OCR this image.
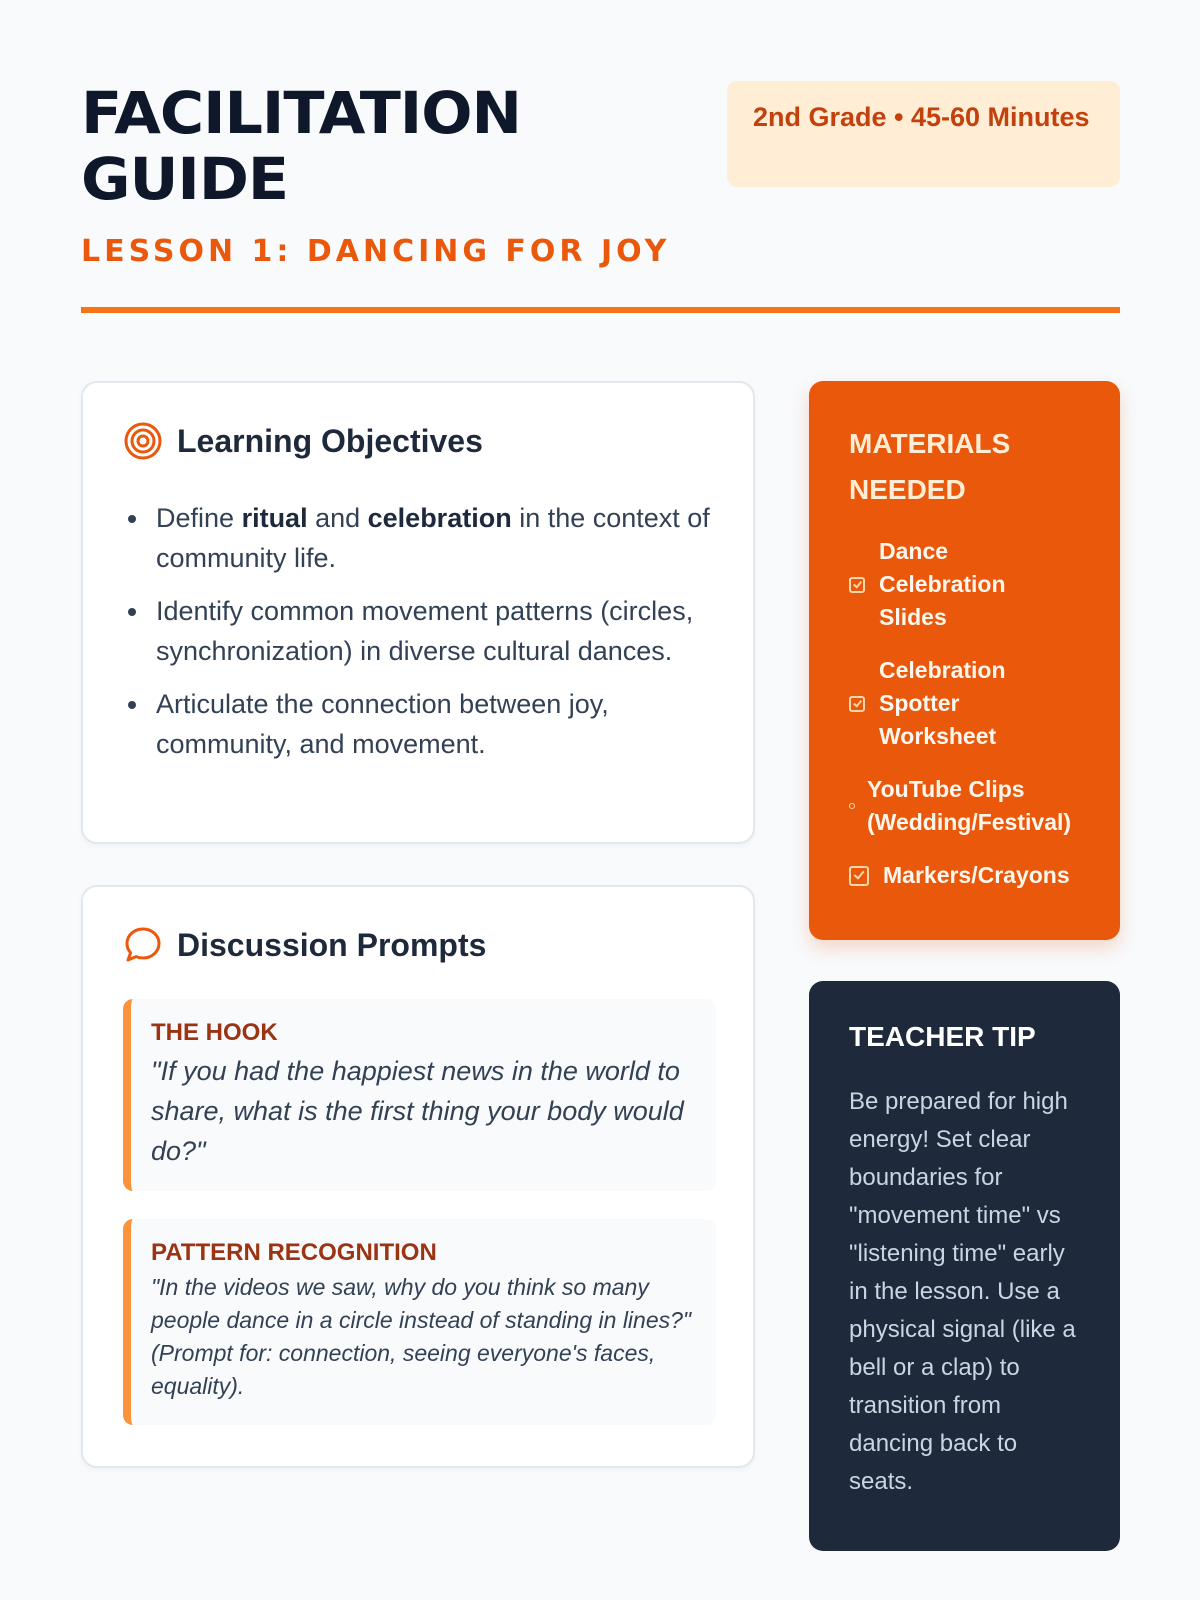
FACILITATION GUIDE
LESSON 1: DANCING FOR JOY
2nd Grade • 45-60 Minutes
Learning Objectives
Define ritual and celebration in the context of community life.
Identify common movement patterns (circles, synchronization) in diverse cultural dances.
Articulate the connection between joy, community, and movement.
Discussion Prompts
THE HOOK
"If you had the happiest news in the world to share, what is the first thing your body would do?"
PATTERN RECOGNITION
"In the videos we saw, why do you think so many people dance in a circle instead of standing in lines?" (Prompt for: connection, seeing everyone's faces, equality).
MATERIALS NEEDED
Dance Celebration Slides
Celebration Spotter Worksheet
YouTube Clips (Wedding/Festival)
Markers/Crayons
TEACHER TIP

Be prepared for high energy! Set clear boundaries for "movement time" vs "listening time" early in the lesson. Use a physical signal (like a bell or a clap) to transition from dancing back to seats.
